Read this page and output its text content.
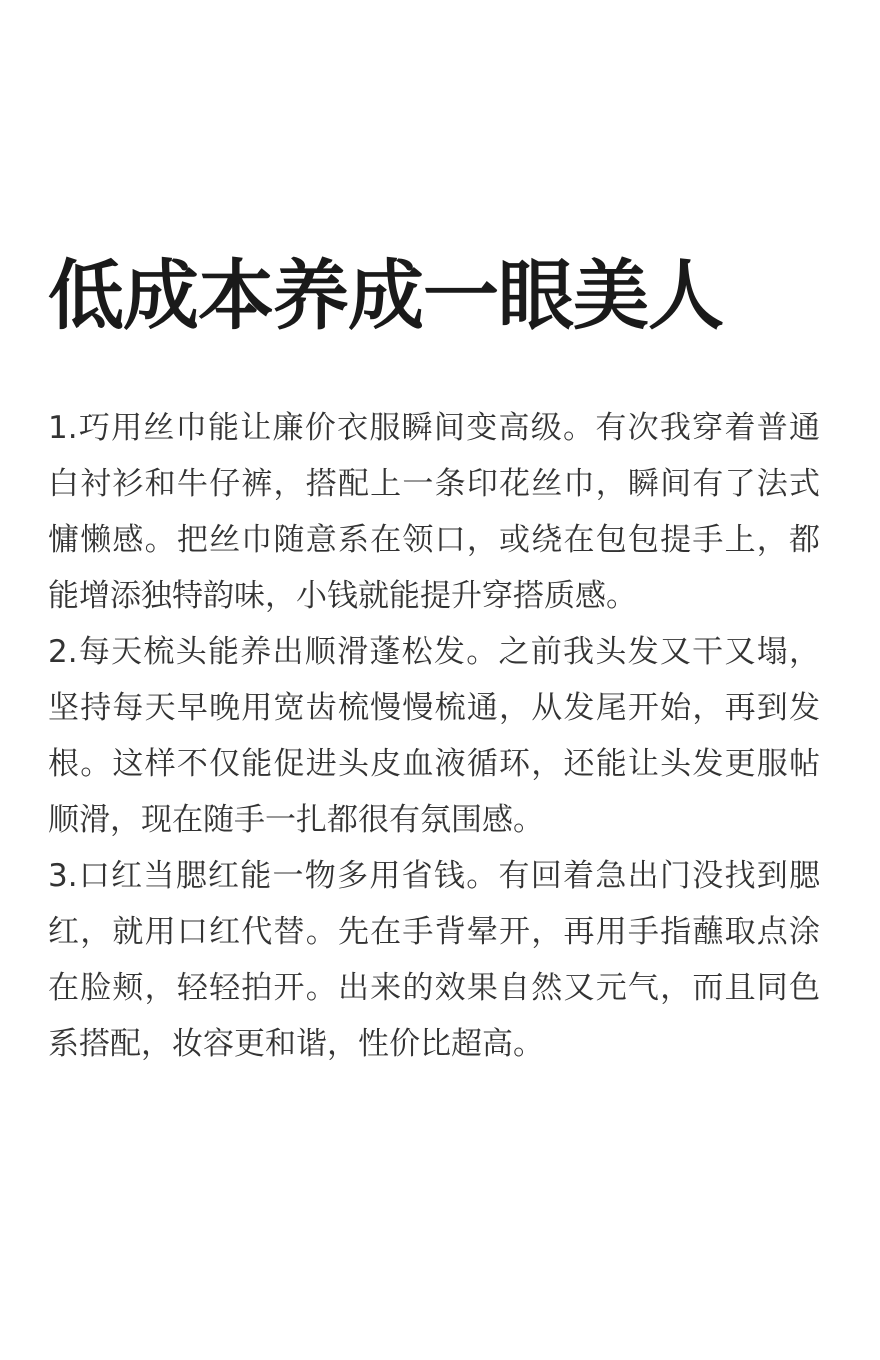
低成本养成一眼美人

1.巧用丝巾能让廉价衣服瞬间变高级。有次我穿着普通白衬衫和牛仔裤，搭配上一条印花丝巾，瞬间有了法式慵懒感。把丝巾随意系在领口，或绕在包包提手上，都能增添独特韵味，小钱就能提升穿搭质感。

2.每天梳头能养出顺滑蓬松发。之前我头发又干又塌，坚持每天早晚用宽齿梳慢慢梳通，从发尾开始，再到发根。这样不仅能促进头皮血液循环，还能让头发更服帖顺滑，现在随手一扎都很有氛围感。

3.口红当腮红能一物多用省钱。有回着急出门没找到腮红，就用口红代替。先在手背晕开，再用手指蘸取点涂在脸颊，轻轻拍开。出来的效果自然又元气，而且同色系搭配，妆容更和谐，性价比超高。
